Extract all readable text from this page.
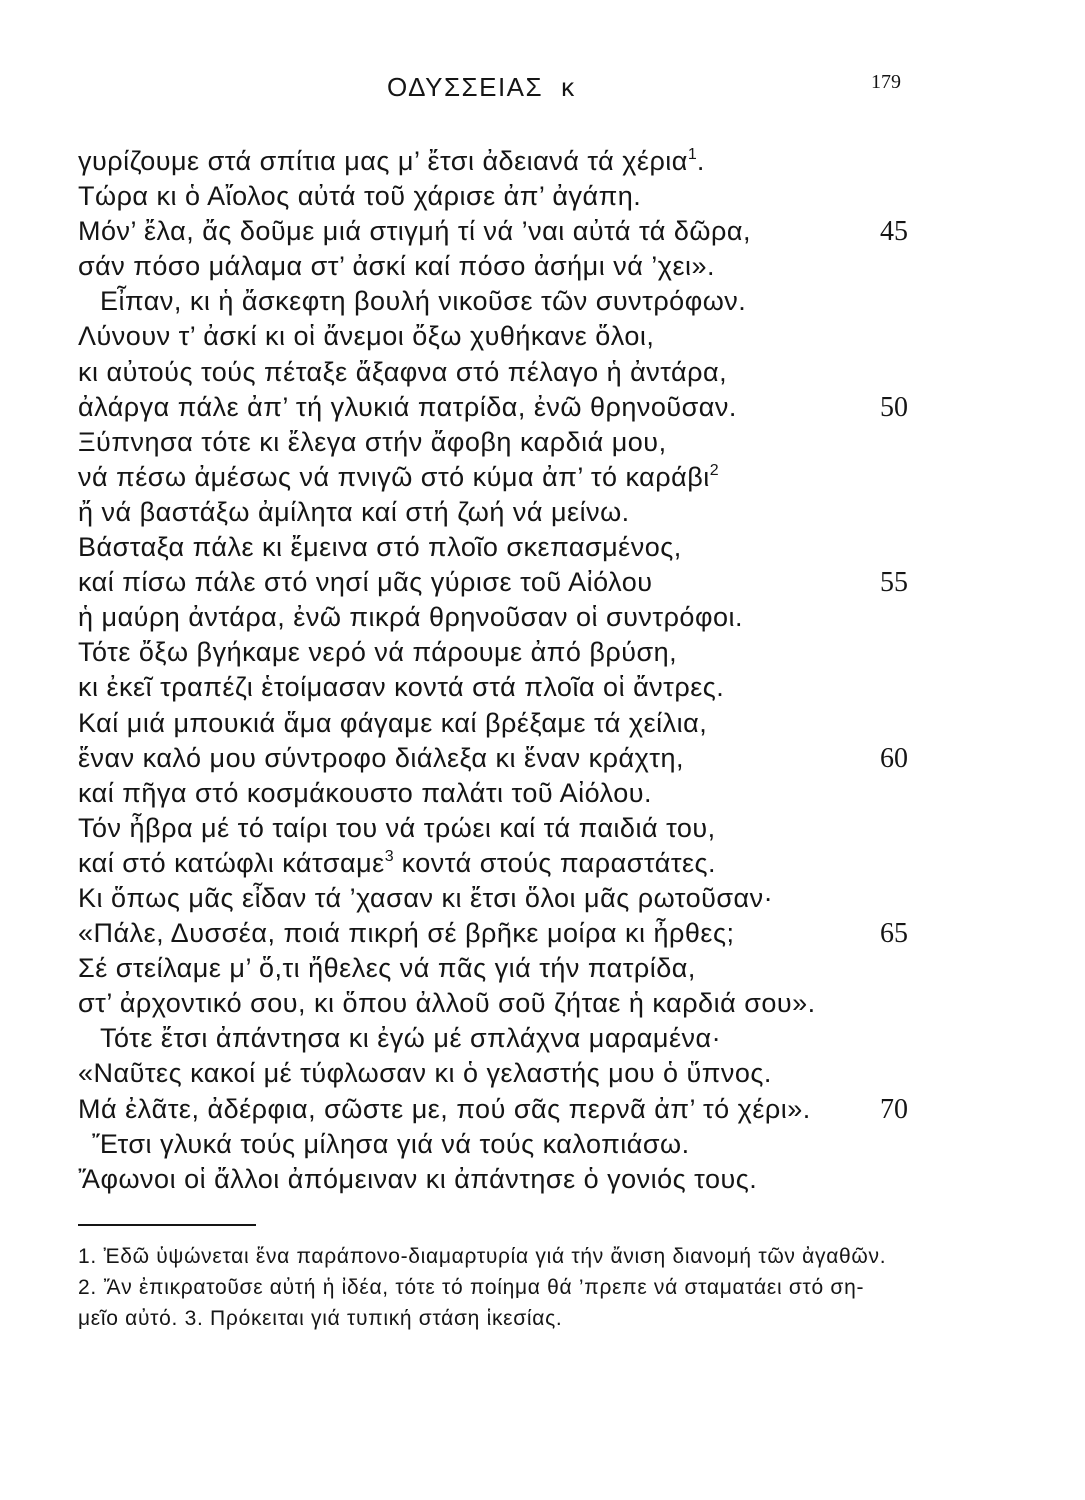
ΟΔΥΣΣΕΙΑΣ κ	179
γυρίζουμε στά σπίτια μας μ’ ἔτσι ἀδειανά τά χέρια$^1$.
Τώρα κι ὁ Αἴολος αὐτά τοῦ χάρισε ἀπ’ ἀγάπη.
Μόν’ ἔλα, ἄς δοῦμε μιά στιγμή τί νά ’ναι αὐτά τά δῶρα,	45
σάν πόσο μάλαμα στ’ ἀσκί καί πόσο ἀσήμι νά ’χει».
Εἶπαν, κι ἡ ἄσκεφτη βουλή νικοῦσε τῶν συντρόφων.
Λύνουν τ’ ἀσκί κι οἱ ἄνεμοι ὄξω χυθήκανε ὅλοι,
κι αὐτούς τούς πέταξε ἄξαφνα στό πέλαγο ἡ ἀντάρα,
ἀλάργα πάλε ἀπ’ τή γλυκιά πατρίδα, ἐνῶ θρηνοῦσαν.	50
Ξύπνησα τότε κι ἔλεγα στήν ἄφοβη καρδιά μου,
νά πέσω ἀμέσως νά πνιγῶ στό κύμα ἀπ’ τό καράβι$^2$
ἤ νά βαστάξω ἀμίλητα καί στή ζωή νά μείνω.
Βάσταξα πάλε κι ἔμεινα στό πλοῖο σκεπασμένος,
καί πίσω πάλε στό νησί μᾶς γύρισε τοῦ Αἰόλου	55
ἡ μαύρη ἀντάρα, ἐνῶ πικρά θρηνοῦσαν οἱ συντρόφοι.
Τότε ὄξω βγήκαμε νερό νά πάρουμε ἀπό βρύση,
κι ἐκεῖ τραπέζι ἑτοίμασαν κοντά στά πλοῖα οἱ ἄντρες.
Καί μιά μπουκιά ἅμα φάγαμε καί βρέξαμε τά χείλια,
ἕναν καλό μου σύντροφο διάλεξα κι ἕναν κράχτη,	60
καί πῆγα στό κοσμάκουστο παλάτι τοῦ Αἰόλου.
Τόν ἦβρα μέ τό ταίρι του νά τρώει καί τά παιδιά του,
καί στό κατώφλι κάτσαμε$^3$ κοντά στούς παραστάτες.
Κι ὅπως μᾶς εἶδαν τά ’χασαν κι ἔτσι ὅλοι μᾶς ρωτοῦσαν·
«Πάλε, Δυσσέα, ποιά πικρή σέ βρῆκε μοίρα κι ἦρθες;	65
Σέ στείλαμε μ’ ὅ,τι ἤθελες νά πᾶς γιά τήν πατρίδα,
στ’ ἀρχοντικό σου, κι ὅπου ἀλλοῦ σοῦ ζήταε ἡ καρδιά σου».
Τότε ἔτσι ἀπάντησα κι ἐγώ μέ σπλάχνα μαραμένα·
«Ναῦτες κακοί μέ τύφλωσαν κι ὁ γελαστής μου ὁ ὕπνος.
Μά ἐλᾶτε, ἀδέρφια, σῶστε με, πού σᾶς περνᾶ ἀπ’ τό χέρι». 70
Ἔτσι γλυκά τούς μίλησα γιά νά τούς καλοπιάσω.
Ἄφωνοι οἱ ἄλλοι ἀπόμειναν κι ἀπάντησε ὁ γονιός τους.
1. Ἐδῶ ὑψώνεται ἕνα παράπονο-διαμαρτυρία γιά τήν ἄνιση διανομή τῶν ἀγαθῶν.
2. Ἄν ἐπικρατοῦσε αὐτή ἡ ἰδέα, τότε τό ποίημα θά ’πρεπε νά σταματάει στό ση-
μεῖο αὐτό. 3. Πρόκειται γιά τυπική στάση ἱκεσίας.
